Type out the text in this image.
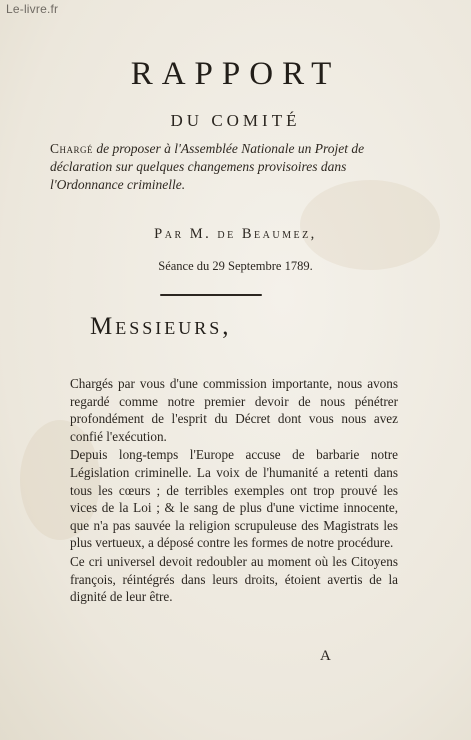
Le-livre.fr
RAPPORT
DU COMITÉ
Chargé de proposer à l'Assemblée Nationale un Projet de déclaration sur quelques changemens provisoires dans l'Ordonnance criminelle.
Par M. de Beaumez,
Séance du 29 Septembre 1789.
Messieurs,

Chargés par vous d'une commission importante, nous avons regardé comme notre premier devoir de nous pénétrer profondément de l'esprit du Décret dont vous nous avez confié l'exécution.

Depuis long-temps l'Europe accuse de barbarie notre Législation criminelle. La voix de l'humanité a retenti dans tous les cœurs ; de terribles exemples ont trop prouvé les vices de la Loi ; & le sang de plus d'une victime innocente, que n'a pas sauvée la religion scrupuleuse des Magistrats les plus vertueux, a déposé contre les formes de notre procédure.

Ce cri universel devoit redoubler au moment où les Citoyens françois, réintégrés dans leurs droits, étoient avertis de la dignité de leur être.

A
